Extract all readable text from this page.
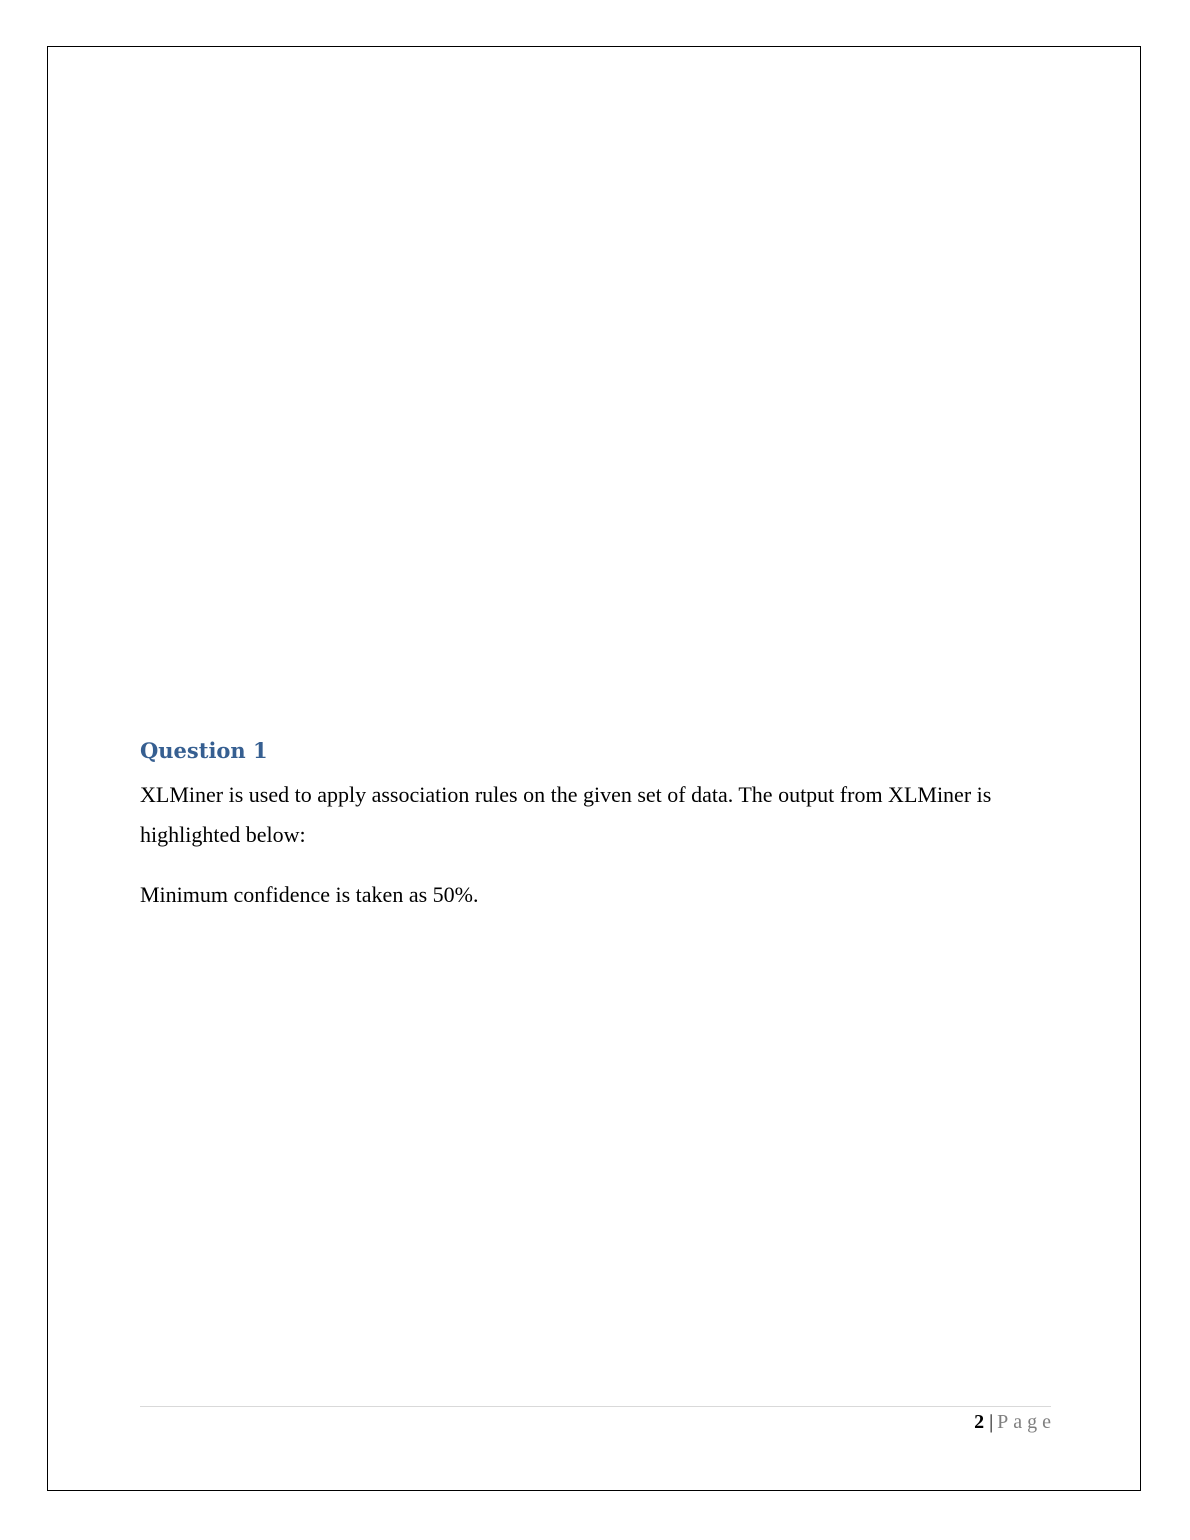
Question 1

XLMiner is used to apply association rules on the given set of data. The output from XLMiner is highlighted below:

Minimum confidence is taken as 50%.

2 | Page
